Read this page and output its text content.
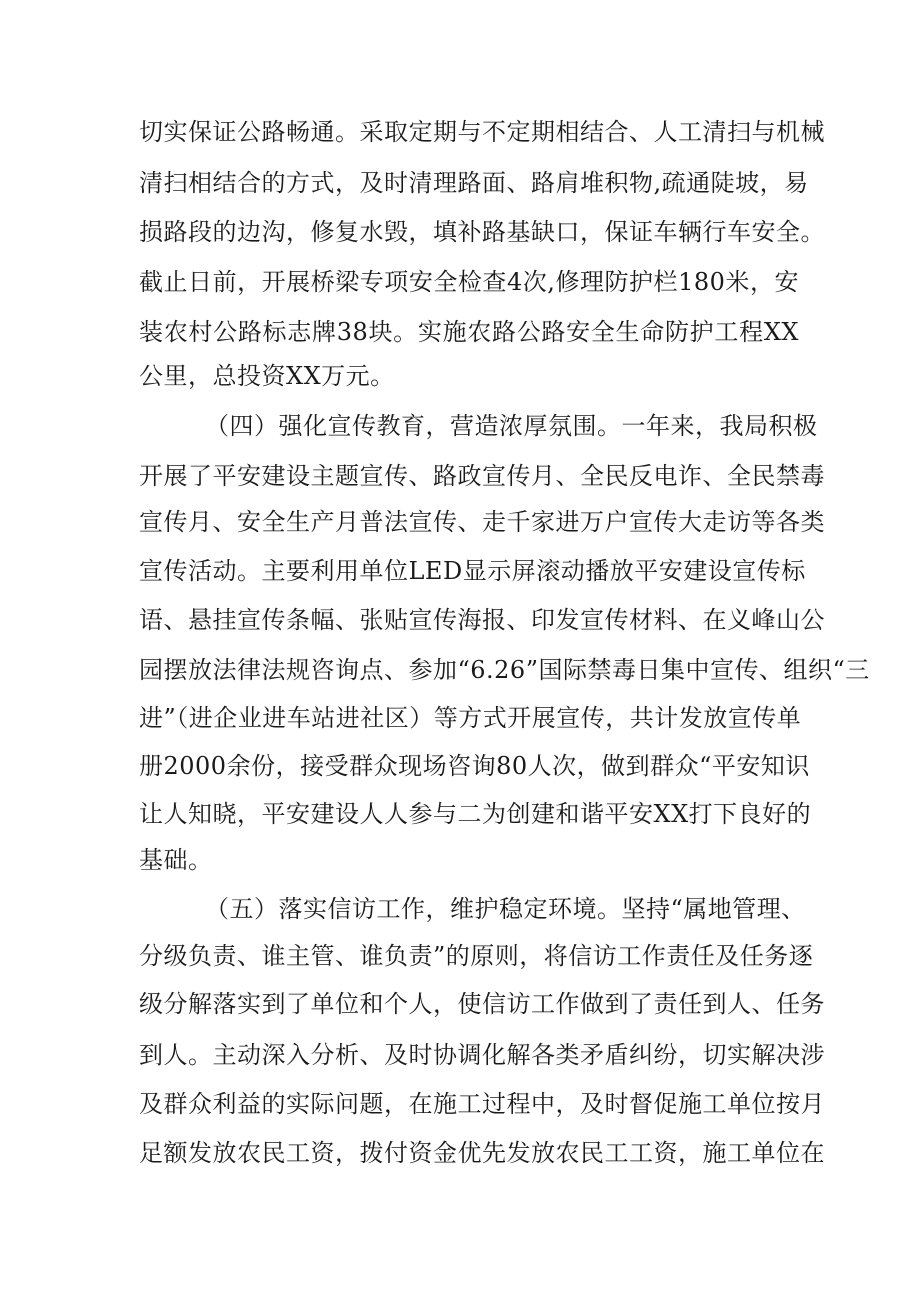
切实保证公路畅通。采取定期与不定期相结合、人工清扫与机械
清扫相结合的方式，及时清理路面、路肩堆积物,疏通陡坡，易
损路段的边沟，修复水毁，填补路基缺口，保证车辆行车安全。
截止日前，开展桥梁专项安全检查4次,修理防护栏180米，安
装农村公路标志牌38块。实施农路公路安全生命防护工程XX
公里，总投资XX万元。
（四）强化宣传教育，营造浓厚氛围。一年来，我局积极
开展了平安建设主题宣传、路政宣传月、全民反电诈、全民禁毒
宣传月、安全生产月普法宣传、走千家进万户宣传大走访等各类
宣传活动。主要利用单位LED显示屏滚动播放平安建设宣传标
语、悬挂宣传条幅、张贴宣传海报、印发宣传材料、在义峰山公
园摆放法律法规咨询点、参加“6.26”国际禁毒日集中宣传、组织“三
进”（进企业进车站进社区）等方式开展宣传，共计发放宣传单
册2000余份，接受群众现场咨询80人次，做到群众“平安知识
让人知晓，平安建设人人参与二为创建和谐平安XX打下良好的
基础。
（五）落实信访工作，维护稳定环境。坚持“属地管理、
分级负责、谁主管、谁负责”的原则，将信访工作责任及任务逐
级分解落实到了单位和个人，使信访工作做到了责任到人、任务
到人。主动深入分析、及时协调化解各类矛盾纠纷，切实解决涉
及群众利益的实际问题，在施工过程中，及时督促施工单位按月
足额发放农民工资，拨付资金优先发放农民工工资，施工单位在
